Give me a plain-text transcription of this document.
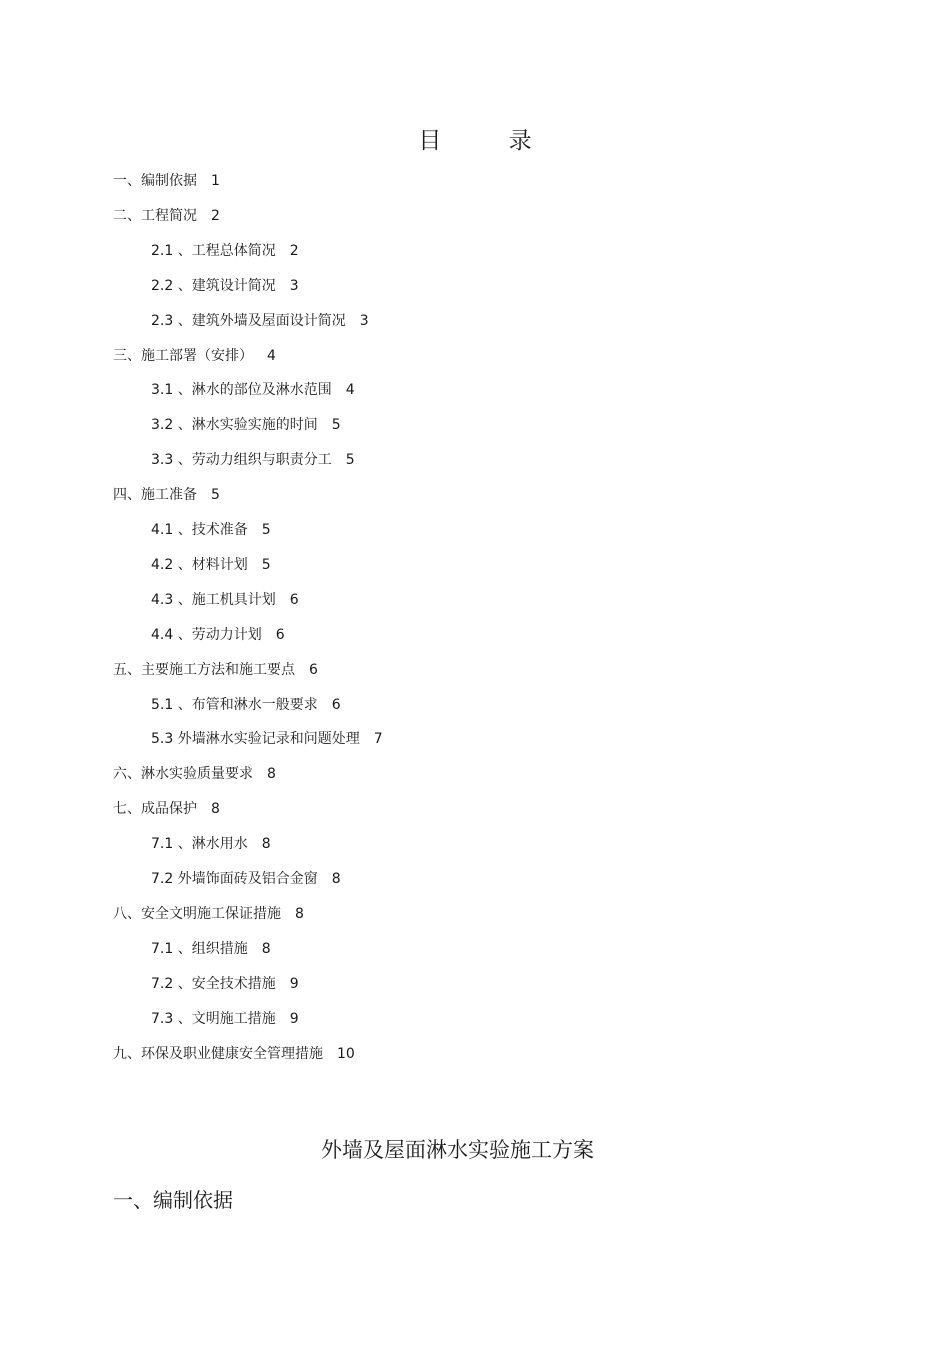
目 录
一、编制依据 1
二、工程简况 2
2.1 、工程总体简况 2
2.2 、建筑设计简况 3
2.3 、建筑外墙及屋面设计简况 3
三、施工部署（安排） 4
3.1 、淋水的部位及淋水范围 4
3.2 、淋水实验实施的时间 5
3.3 、劳动力组织与职责分工 5
四、施工准备 5
4.1 、技术准备 5
4.2 、材料计划 5
4.3 、施工机具计划 6
4.4 、劳动力计划 6
五、主要施工方法和施工要点 6
5.1 、布管和淋水一般要求 6
5.3 外墙淋水实验记录和问题处理 7
六、淋水实验质量要求 8
七、成品保护 8
7.1 、淋水用水 8
7.2 外墙饰面砖及铝合金窗 8
八、安全文明施工保证措施 8
7.1 、组织措施 8
7.2 、安全技术措施 9
7.3 、文明施工措施 9
九、环保及职业健康安全管理措施 10
外墙及屋面淋水实验施工方案
一、编制依据
